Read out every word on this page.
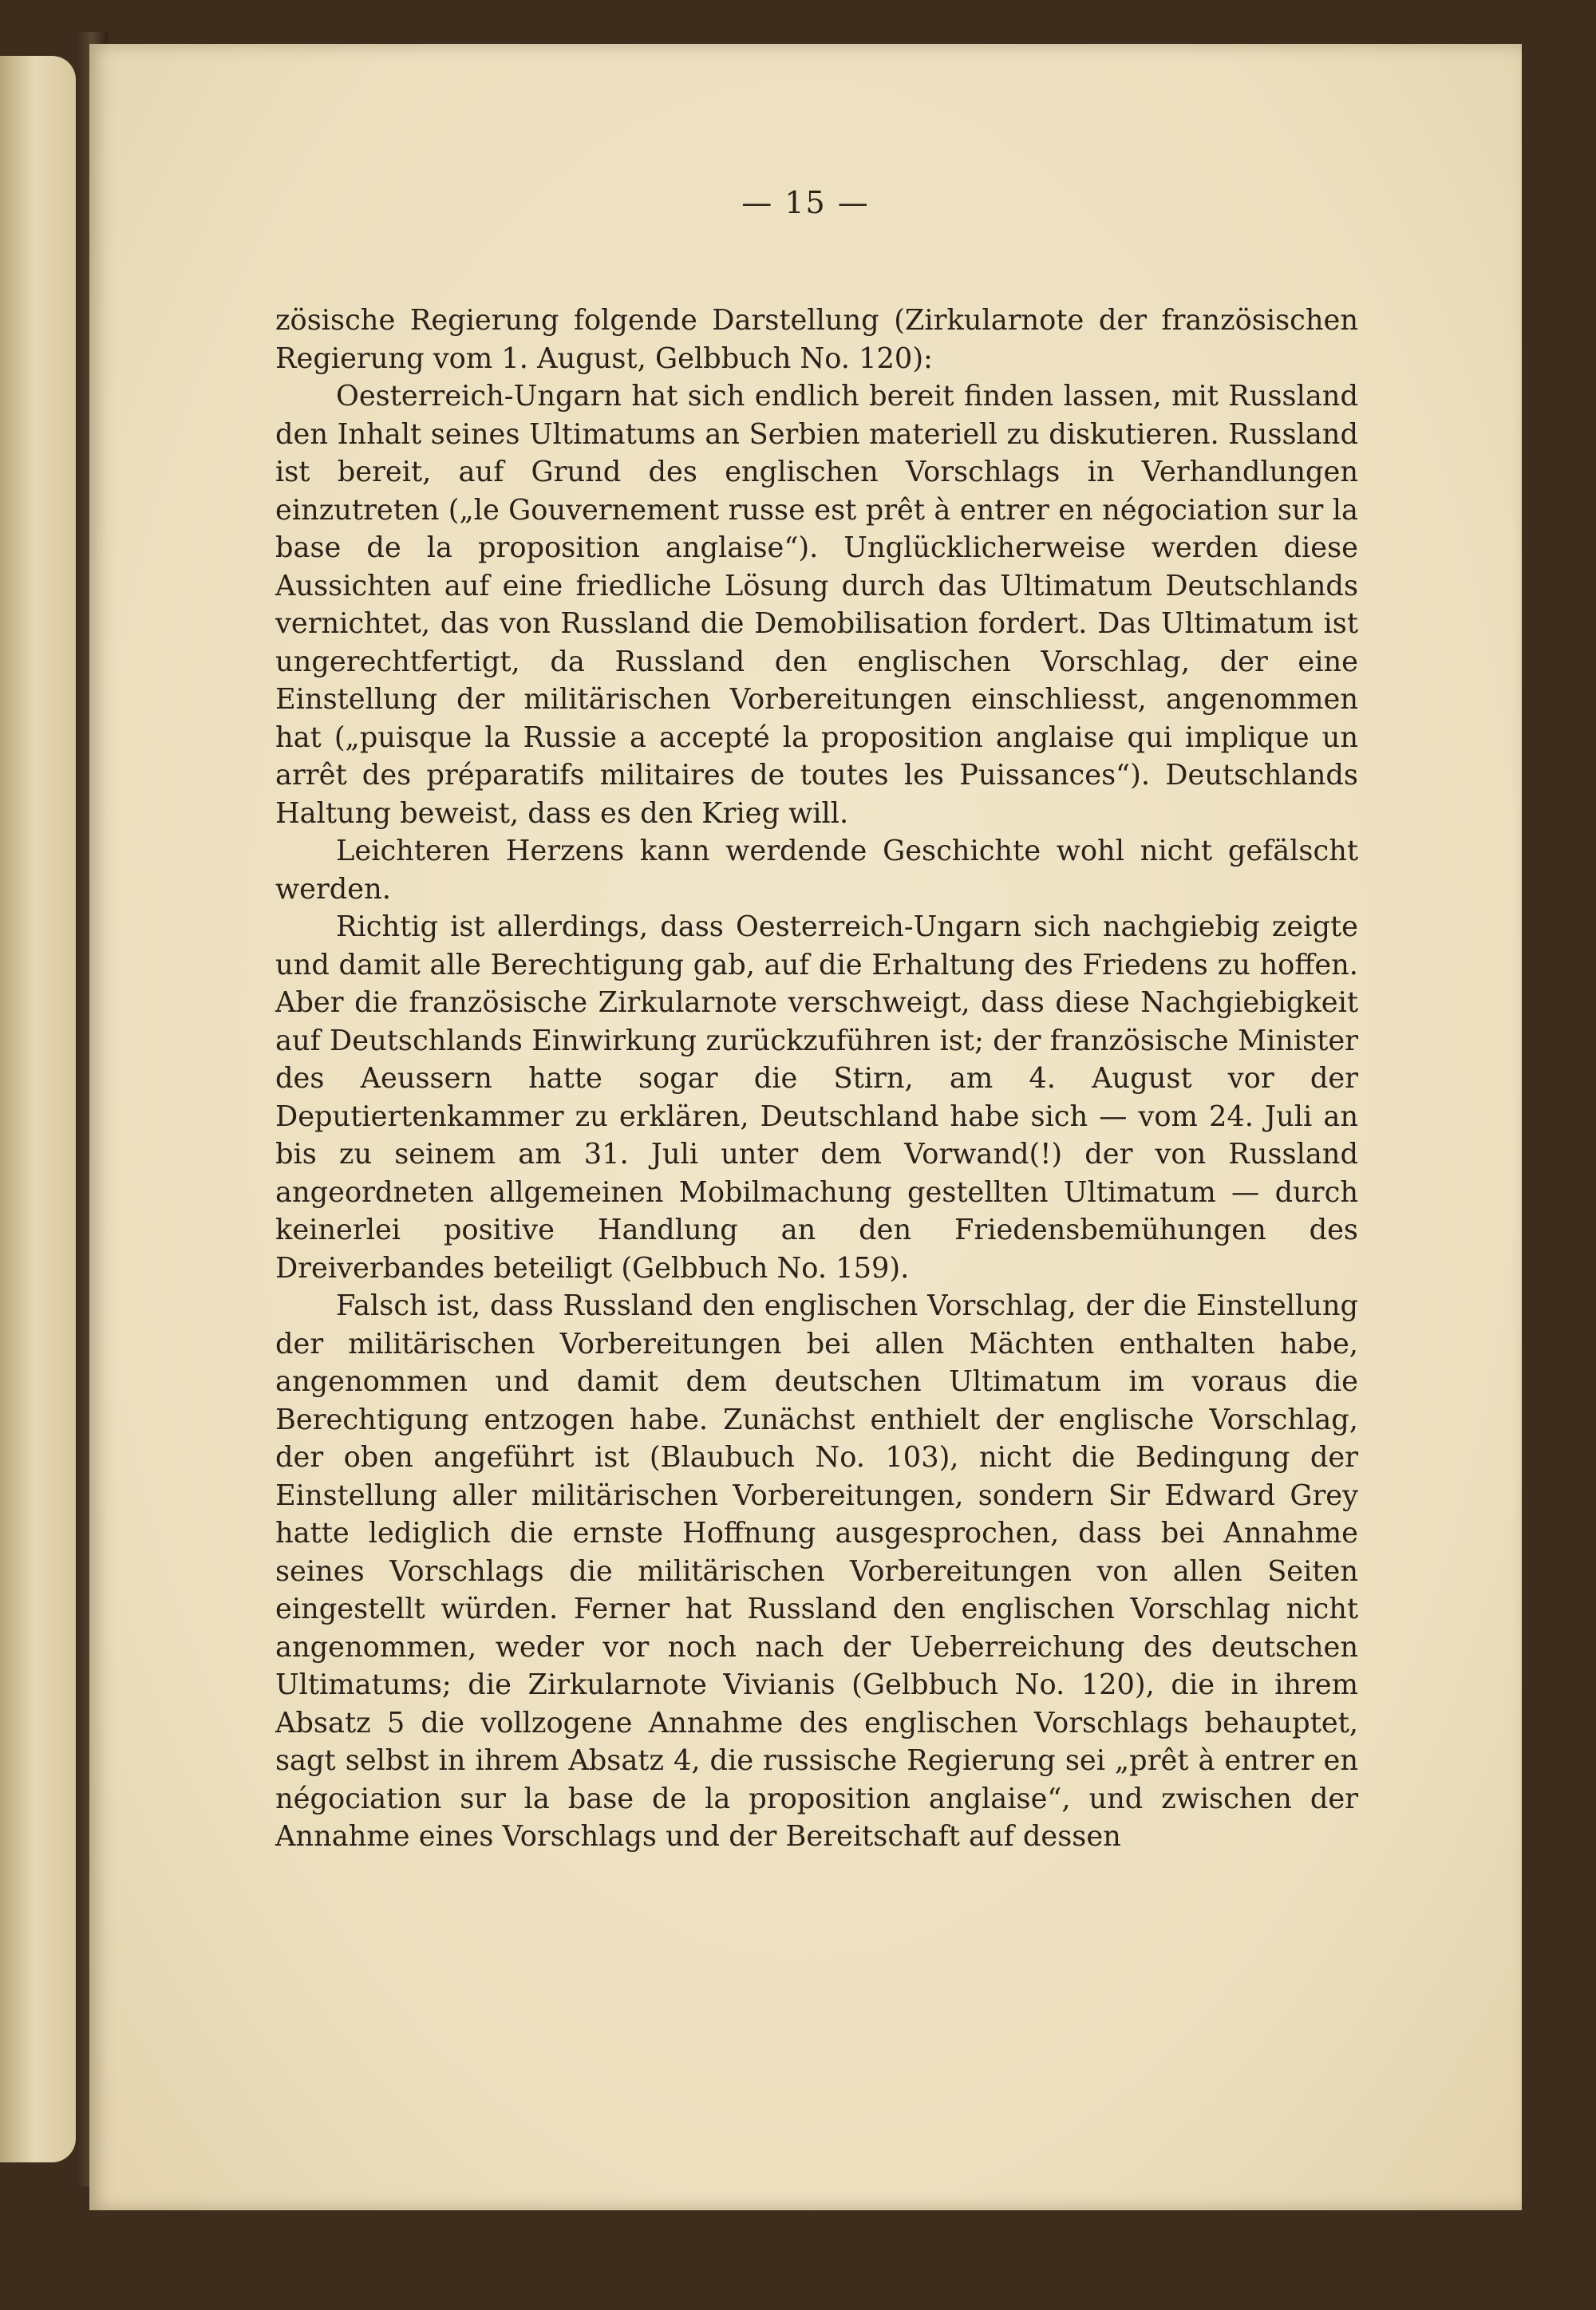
— 15 —

zösische Regierung folgende Darstellung (Zirkularnote der französischen Regierung vom 1. August, Gelbbuch No. 120):

Oesterreich-Ungarn hat sich endlich bereit finden lassen, mit Russland den Inhalt seines Ultimatums an Serbien materiell zu diskutieren. Russland ist bereit, auf Grund des englischen Vorschlags in Verhandlungen einzutreten („le Gouvernement russe est prêt à entrer en négociation sur la base de la proposition anglaise“). Unglücklicherweise werden diese Aussichten auf eine friedliche Lösung durch das Ultimatum Deutschlands vernichtet, das von Russland die Demobilisation fordert. Das Ultimatum ist ungerechtfertigt, da Russland den englischen Vorschlag, der eine Einstellung der militärischen Vorbereitungen einschliesst, angenommen hat („puisque la Russie a accepté la proposition anglaise qui implique un arrêt des préparatifs militaires de toutes les Puissances“). Deutschlands Haltung beweist, dass es den Krieg will.

Leichteren Herzens kann werdende Geschichte wohl nicht gefälscht werden.

Richtig ist allerdings, dass Oesterreich-Ungarn sich nachgiebig zeigte und damit alle Berechtigung gab, auf die Erhaltung des Friedens zu hoffen. Aber die französische Zirkularnote verschweigt, dass diese Nachgiebigkeit auf Deutschlands Einwirkung zurückzuführen ist; der französische Minister des Aeussern hatte sogar die Stirn, am 4. August vor der Deputiertenkammer zu erklären, Deutschland habe sich — vom 24. Juli an bis zu seinem am 31. Juli unter dem Vorwand(!) der von Russland angeordneten allgemeinen Mobilmachung gestellten Ultimatum — durch keinerlei positive Handlung an den Friedensbemühungen des Dreiverbandes beteiligt (Gelbbuch No. 159).

Falsch ist, dass Russland den englischen Vorschlag, der die Einstellung der militärischen Vorbereitungen bei allen Mächten enthalten habe, angenommen und damit dem deutschen Ultimatum im voraus die Berechtigung entzogen habe. Zunächst enthielt der englische Vorschlag, der oben angeführt ist (Blaubuch No. 103), nicht die Bedingung der Einstellung aller militärischen Vorbereitungen, sondern Sir Edward Grey hatte lediglich die ernste Hoffnung ausgesprochen, dass bei Annahme seines Vorschlags die militärischen Vorbereitungen von allen Seiten eingestellt würden. Ferner hat Russland den englischen Vorschlag nicht angenommen, weder vor noch nach der Ueberreichung des deutschen Ultimatums; die Zirkularnote Vivianis (Gelbbuch No. 120), die in ihrem Absatz 5 die vollzogene Annahme des englischen Vorschlags behauptet, sagt selbst in ihrem Absatz 4, die russische Regierung sei „prêt à entrer en négociation sur la base de la proposition anglaise“, und zwischen der Annahme eines Vorschlags und der Bereitschaft auf dessen
